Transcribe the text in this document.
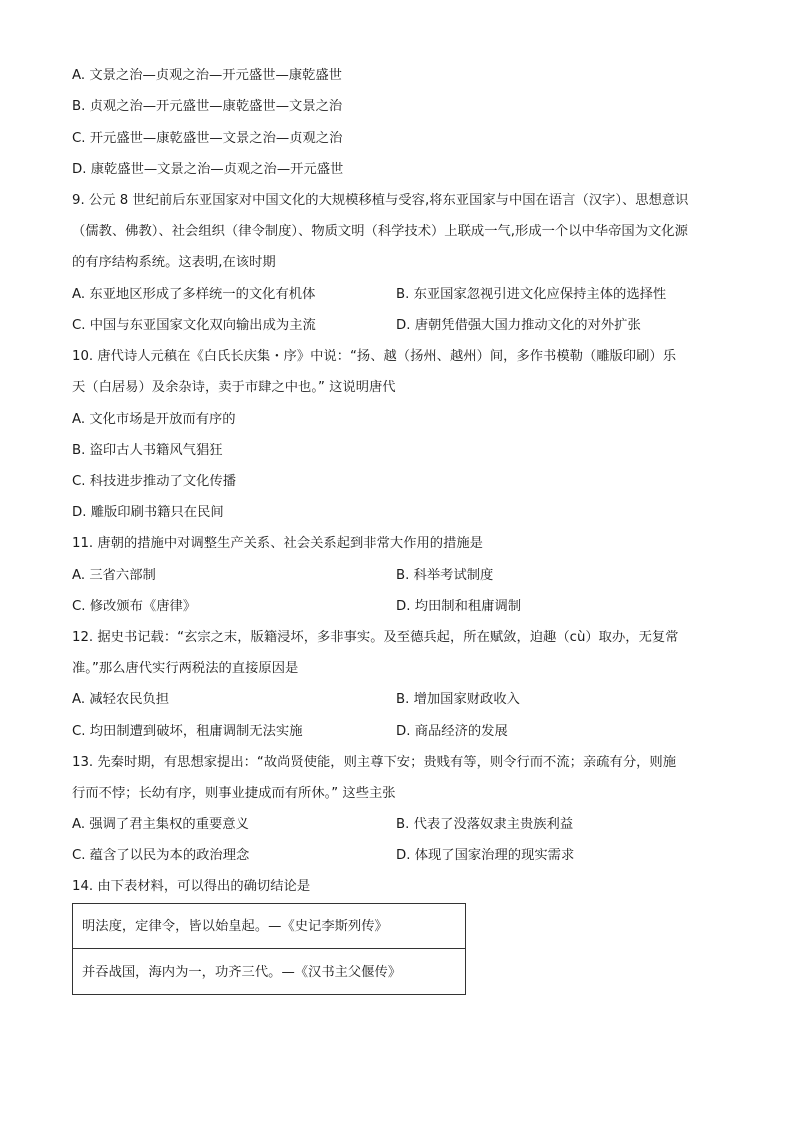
A. 文景之治—贞观之治—开元盛世—康乾盛世
B. 贞观之治—开元盛世—康乾盛世—文景之治
C. 开元盛世—康乾盛世—文景之治—贞观之治
D. 康乾盛世—文景之治—贞观之治—开元盛世
9. 公元 8 世纪前后东亚国家对中国文化的大规模移植与受容,将东亚国家与中国在语言（汉字）、思想意识
（儒教、佛教）、社会组织（律令制度）、物质文明（科学技术）上联成一气,形成一个以中华帝国为文化源
的有序结构系统。这表明,在该时期
A. 东亚地区形成了多样统一的文化有机体	B. 东亚国家忽视引进文化应保持主体的选择性
C. 中国与东亚国家文化双向输出成为主流	D. 唐朝凭借强大国力推动文化的对外扩张
10. 唐代诗人元稹在《白氏长庆集・序》中说：“扬、越（扬州、越州）间，多作书模勒（雕版印刷）乐
天（白居易）及余杂诗，卖于市肆之中也。” 这说明唐代
A. 文化市场是开放而有序的
B. 盗印古人书籍风气猖狂
C. 科技进步推动了文化传播
D. 雕版印刷书籍只在民间
11. 唐朝的措施中对调整生产关系、社会关系起到非常大作用的措施是
A. 三省六部制	B. 科举考试制度
C. 修改颁布《唐律》	D. 均田制和租庸调制
12. 据史书记载：“玄宗之末，版籍浸坏，多非事实。及至德兵起，所在赋敛，迫趣（cù）取办，无复常
准。”那么唐代实行两税法的直接原因是
A. 减轻农民负担	B. 增加国家财政收入
C. 均田制遭到破坏，租庸调制无法实施	D. 商品经济的发展
13. 先秦时期，有思想家提出：“故尚贤使能，则主尊下安；贵贱有等，则令行而不流；亲疏有分，则施
行而不悖；长幼有序，则事业捷成而有所休。” 这些主张
A. 强调了君主集权的重要意义	B. 代表了没落奴隶主贵族利益
C. 蕴含了以民为本的政治理念	D. 体现了国家治理的现实需求
14. 由下表材料，可以得出的确切结论是
明法度，定律令，皆以始皇起。—《史记李斯列传》
并吞战国，海内为一，功齐三代。—《汉书主父偃传》
